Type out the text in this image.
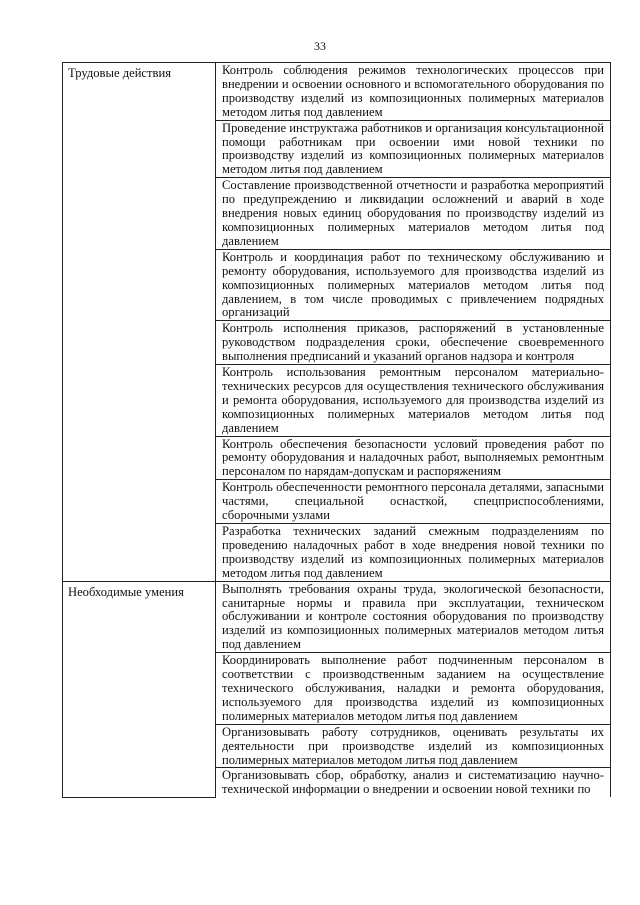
33
Трудовые действия	Контроль соблюдения режимов технологических процессов при внедрении и освоении основного и вспомогательного оборудования по производству изделий из композиционных полимерных материалов методом литья под давлением
	Проведение инструктажа работников и организация консультационной помощи работникам при освоении ими новой техники по производству изделий из композиционных полимерных материалов методом литья под давлением
	Составление производственной отчетности и разработка мероприятий по предупреждению и ликвидации осложнений и аварий в ходе внедрения новых единиц оборудования по производству изделий из композиционных полимерных материалов методом литья под давлением
	Контроль и координация работ по техническому обслуживанию и ремонту оборудования, используемого для производства изделий из композиционных полимерных материалов методом литья под давлением, в том числе проводимых с привлечением подрядных организаций
	Контроль исполнения приказов, распоряжений в установленные руководством подразделения сроки, обеспечение своевременного выполнения предписаний и указаний органов надзора и контроля
	Контроль использования ремонтным персоналом материально-технических ресурсов для осуществления технического обслуживания и ремонта оборудования, используемого для производства изделий из композиционных полимерных материалов методом литья под давлением
	Контроль обеспечения безопасности условий проведения работ по ремонту оборудования и наладочных работ, выполняемых ремонтным персоналом по нарядам-допускам и распоряжениям
	Контроль обеспеченности ремонтного персонала деталями, запасными частями, специальной оснасткой, спецприспособлениями, сборочными узлами
	Разработка технических заданий смежным подразделениям по проведению наладочных работ в ходе внедрения новой техники по производству изделий из композиционных полимерных материалов методом литья под давлением
Необходимые умения	Выполнять требования охраны труда, экологической безопасности, санитарные нормы и правила при эксплуатации, техническом обслуживании и контроле состояния оборудования по производству изделий из композиционных полимерных материалов методом литья под давлением
	Координировать выполнение работ подчиненным персоналом в соответствии с производственным заданием на осуществление технического обслуживания, наладки и ремонта оборудования, используемого для производства изделий из композиционных полимерных материалов методом литья под давлением
	Организовывать работу сотрудников, оценивать результаты их деятельности при производстве изделий из композиционных полимерных материалов методом литья под давлением
	Организовывать сбор, обработку, анализ и систематизацию научно-технической информации о внедрении и освоении новой техники по
